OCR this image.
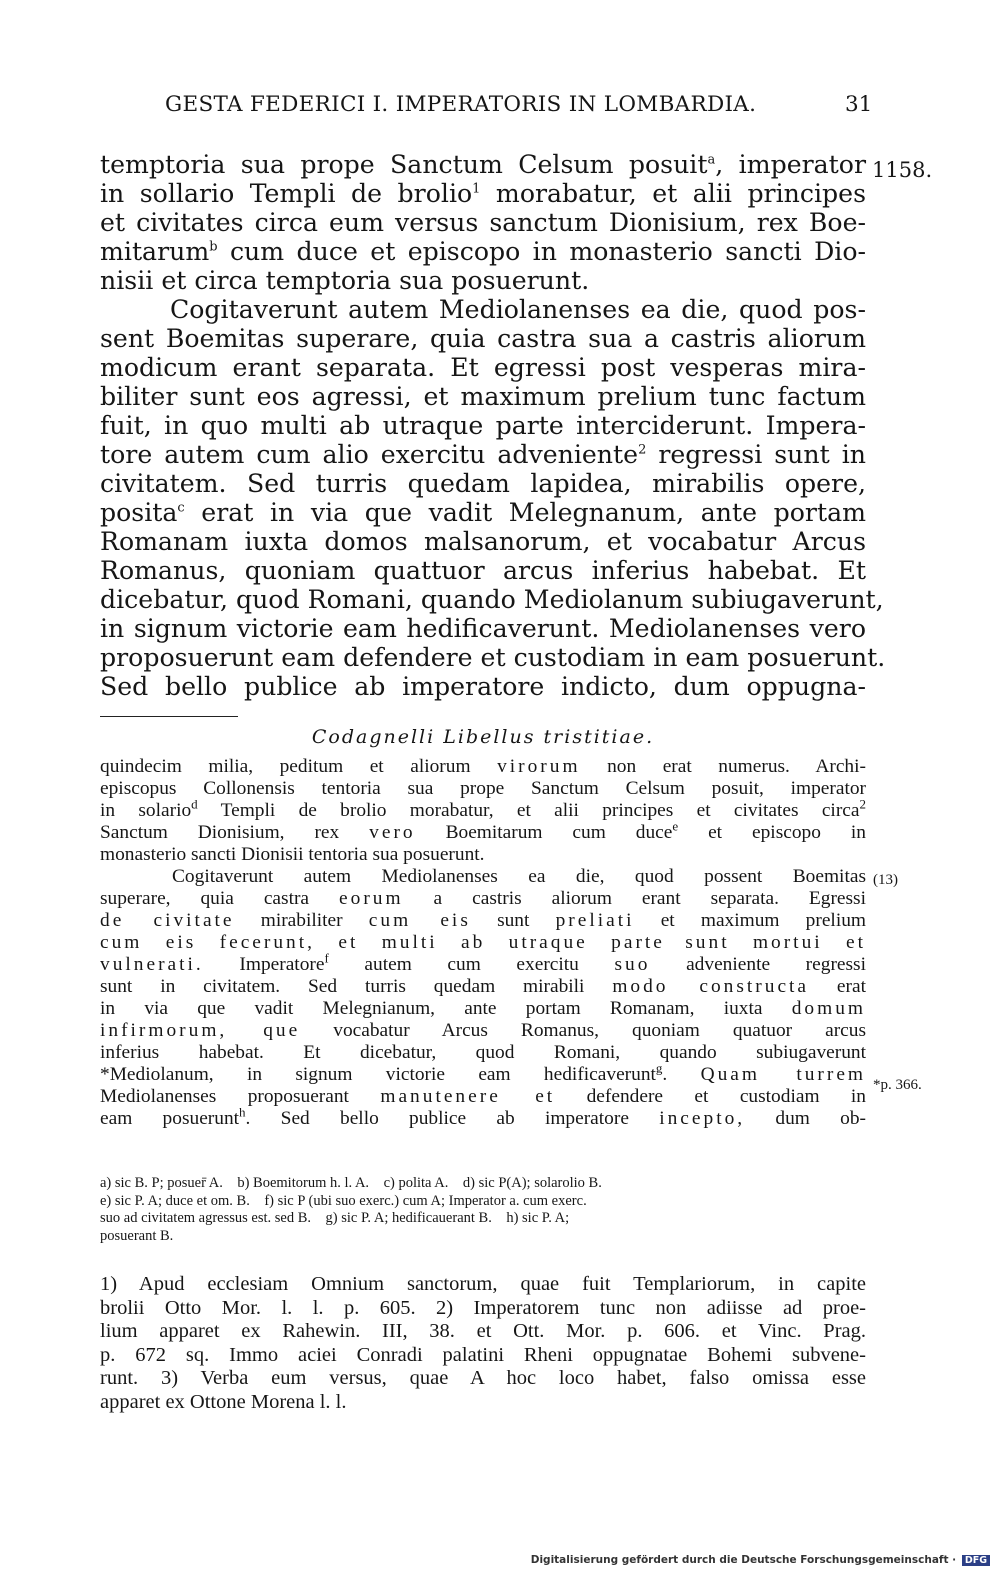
GESTA FEDERICI I. IMPERATORIS IN LOMBARDIA.	31
temptoria sua prope Sanctum Celsum posuit$^a$, imperator
in sollario Templi de brolio$^1$ morabatur, et alii principes
et civitates circa eum versus sanctum Dionisium, rex Boe-
mitarum$^b$ cum duce et episcopo in monasterio sancti Dio-
nisii et circa temptoria sua posuerunt.
Cogitaverunt autem Mediolanenses ea die, quod pos-
sent Boemitas superare, quia castra sua a castris aliorum
modicum erant separata. Et egressi post vesperas mira-
biliter sunt eos agressi, et maximum prelium tunc factum
fuit, in quo multi ab utraque parte interciderunt. Impera-
tore autem cum alio exercitu adveniente$^2$ regressi sunt in
civitatem. Sed turris quedam lapidea, mirabilis opere,
posita$^c$ erat in via que vadit Melegnanum, ante portam
Romanam iuxta domos malsanorum, et vocabatur Arcus
Romanus, quoniam quattuor arcus inferius habebat. Et
dicebatur, quod Romani, quando Mediolanum subiugaverunt,
in signum victorie eam hedificaverunt. Mediolanenses vero
proposuerunt eam defendere et custodiam in eam posuerunt.
Sed bello publice ab imperatore indicto, dum oppugna-
1158.
Codagnelli Libellus tristitiae.
quindecim milia, peditum et aliorum virorum non erat numerus. Archi-
episcopus Collonensis tentoria sua prope Sanctum Celsum posuit, imperator
in solario$^d$ Templi de brolio morabatur, et alii principes et civitates circa$^2$
Sanctum Dionisium, rex vero Boemitarum cum duce$^e$ et episcopo in
monasterio sancti Dionisii tentoria sua posuerunt.
Cogitaverunt autem Mediolanenses ea die, quod possent Boemitas
superare, quia castra eorum a castris aliorum erant separata. Egressi
de civitate mirabiliter cum eis sunt preliati et maximum prelium
cum eis fecerunt, et multi ab utraque parte sunt mortui et
vulnerati. Imperatore$^f$ autem cum exercitu suo adveniente regressi
sunt in civitatem. Sed turris quedam mirabili modo constructa erat
in via que vadit Melegnianum, ante portam Romanam, iuxta domum
infirmorum, que vocabatur Arcus Romanus, quoniam quatuor arcus
inferius habebat. Et dicebatur, quod Romani, quando subiugaverunt
*Mediolanum, in signum victorie eam hedificaverunt$^g$. Quam turrem
Mediolanenses proposuerant manutenere et defendere et custodiam in
eam posuerunt$^h$. Sed bello publice ab imperatore incepto, dum ob-
(13)
*p. 366.
a) sic B. P; posuer̄ A. b) Boemitorum h. l. A. c) polita A. d) sic P(A); solarolio B.
e) sic P. A; duce et om. B. f) sic P (ubi suo exerc.) cum A; Imperator a. cum exerc.
suo ad civitatem agressus est. sed B. g) sic P. A; hedificauerant B. h) sic P. A;
posuerant B.
1) Apud ecclesiam Omnium sanctorum, quae fuit Templariorum, in capite
brolii Otto Mor. l. l. p. 605. 2) Imperatorem tunc non adiisse ad proe-
lium apparet ex Rahewin. III, 38. et Ott. Mor. p. 606. et Vinc. Prag.
p. 672 sq. Immo aciei Conradi palatini Rheni oppugnatae Bohemi subvene-
runt. 3) Verba eum versus, quae A hoc loco habet, falso omissa esse
apparet ex Ottone Morena l. l.
Digitalisierung gefördert durch die Deutsche Forschungsgemeinschaft · DFG
